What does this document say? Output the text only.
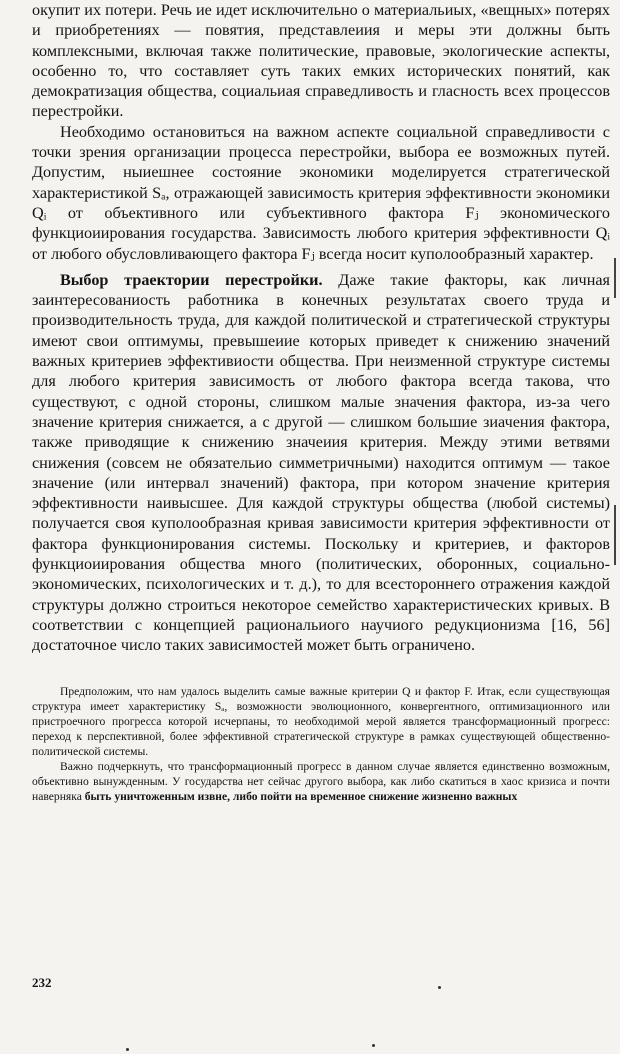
окупит их потери. Речь ие идет исключительно о материальиых, «вещных» потерях и приобретениях — повятия, представлеиия и меры эти должны быть комплексными, включая также политические, правовые, экологические аспекты, особенно то, что составляет суть таких емких исторических понятий, как демократизация общества, социальиая справедливость и гласность всех процессов перестройки.

Необходимо остановиться на важном аспекте социальной справедливости с точки зрения организации процесса перестройки, выбора ее возможных путей. Допустим, ныиешнее состояние экономики моделируется стратегической характеристикой Sₐ, отражающей зависимость критерия эффективности экономики Qᵢ от объективного или субъективного фактора Fⱼ экономического функциоиирования государства. Зависимость любого критерия эффективности Qᵢ от любого обусловливающего фактора Fⱼ всегда носит куполообразный характер.

Выбор траектории перестройки. Даже такие факторы, как личная заинтересованиость работника в конечных результатах своего труда и производительность труда, для каждой политической и стратегической структуры имеют свои оптимумы, превышеиие которых приведет к снижению значений важных критериев эффективиости общества. При неизменной структуре системы для любого критерия зависимость от любого фактора всегда такова, что существуют, с одной стороны, слишком малые значения фактора, из-за чего значение критерия снижается, а с другой — слишком большие зиачения фактора, также приводящие к снижению значеиия критерия. Между этими ветвями снижения (совсем не обязательио симметричными) находится оптимум — такое значение (или интервал значений) фактора, при котором значение критерия эффективности наивысшее. Для каждой структуры общества (любой системы) получается своя куполообразная кривая зависимости критерия эффективности от фактора функционирования системы. Поскольку и критериев, и факторов функциоиирования общества много (политических, оборонных, социально-экономических, психологических и т. д.), то для всестороннего отражения каждой структуры должно строиться некоторое семейство характеристических кривых. В соответствии с концепцией рациональиого научиого редукционизма [16, 56] достаточное число таких зависимостей может быть ограничено.

Предположим, что нам удалось выделить самые важные критерии Q и фактор F. Итак, если существующая структура имеет характеристику Sₐ, возможности эволюционного, конвергентного, оптимизационного или пристроечного прогресса которой исчерпаны, то необходимой мерой является трансформационный прогресс: переход к перспективной, более эффективной стратегической структуре в рамках существующей общественно-политической системы.

Важно подчеркнуть, что трансформационный прогресс в данном случае является единственно возможным, объективно вынужденным. У государства нет сейчас другого выбора, как либо скатиться в хаос кризиса и почти наверняка быть уничтоженным извне, либо пойти на временное снижение жизненно важных

232
